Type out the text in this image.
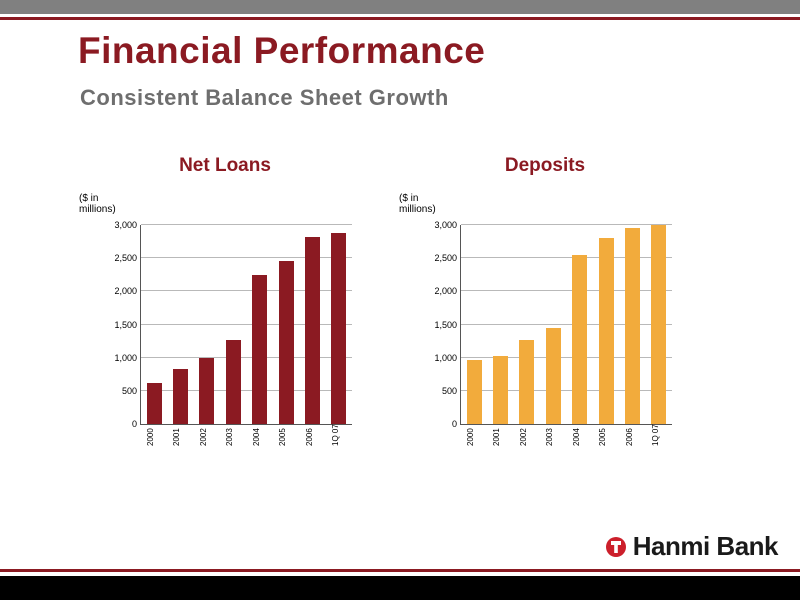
Financial Performance
Consistent Balance Sheet Growth
Net Loans
($ in millions)
0
500
1,000
1,500
2,000
2,500
3,000
2000 2001 2002 2003 2004 2005 2006 1Q 07
Deposits
($ in millions)
0
500
1,000
1,500
2,000
2,500
3,000
2000 2001 2002 2003 2004 2005 2006 1Q 07
Hanmi Bank
